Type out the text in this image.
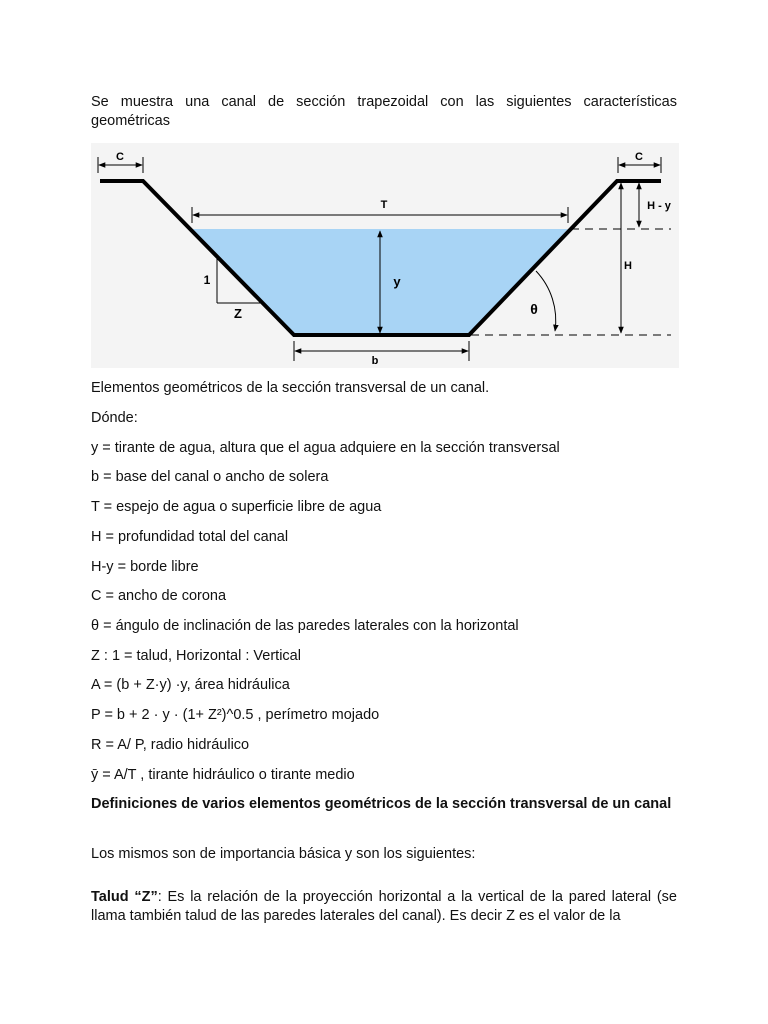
Se muestra una canal de sección trapezoidal con las siguientes características geométricas

C	C
T
y
1
Z
H - y
H
θ
b
Elementos geométricos de la sección transversal de un canal.
Dónde:
y = tirante de agua, altura que el agua adquiere en la sección transversal
b = base del canal o ancho de solera
T = espejo de agua o superficie libre de agua
H = profundidad total del canal
H-y = borde libre
C = ancho de corona
θ = ángulo de inclinación de las paredes laterales con la horizontal
Z : 1 = talud, Horizontal : Vertical
A = (b + Z·y) ·y, área hidráulica
P = b + 2 · y · (1+ Z²)^0.5 , perímetro mojado
R = A/ P, radio hidráulico
ȳ = A/T , tirante hidráulico o tirante medio
Definiciones de varios elementos geométricos de la sección transversal de un canal
Los mismos son de importancia básica y son los siguientes:

Talud “Z”: Es la relación de la proyección horizontal a la vertical de la pared lateral (se llama también talud de las paredes laterales del canal). Es decir Z es el valor de la
